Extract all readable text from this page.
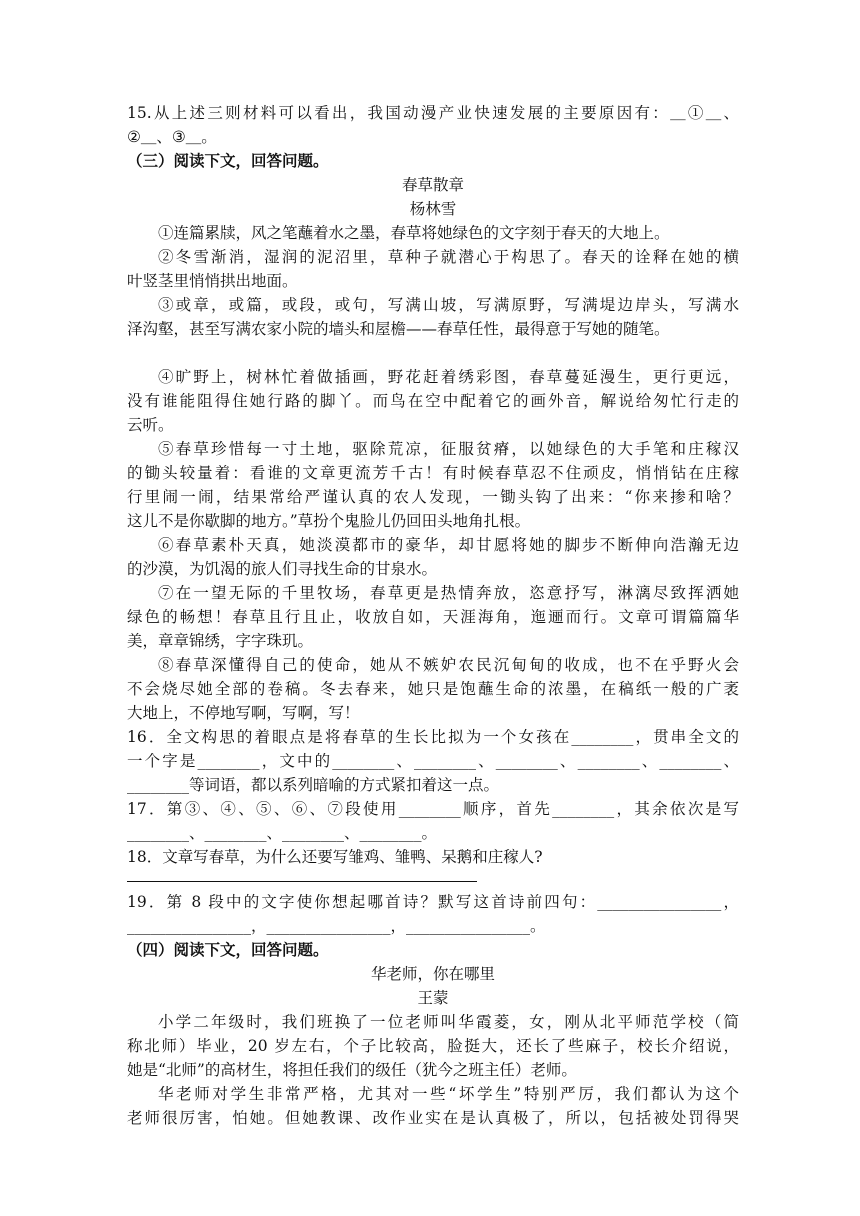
15.从上述三则材料可以看出，我国动漫产业快速发展的主要原因有：＿①＿、
②＿、③＿。
（三）阅读下文，回答问题。
春草散章
杨林雪
①连篇累牍，风之笔蘸着水之墨，春草将她绿色的文字刻于春天的大地上。
②冬雪渐消，湿润的泥沼里，草种子就潜心于构思了。春天的诠释在她的横
叶竖茎里悄悄拱出地面。
③或章，或篇，或段，或句，写满山坡，写满原野，写满堤边岸头，写满水
泽沟壑，甚至写满农家小院的墙头和屋檐——春草任性，最得意于写她的随笔。
④旷野上，树林忙着做插画，野花赶着绣彩图，春草蔓延漫生，更行更远，
没有谁能阻得住她行路的脚丫。而鸟在空中配着它的画外音，解说给匆忙行走的
云听。
⑤春草珍惜每一寸土地，驱除荒凉，征服贫瘠，以她绿色的大手笔和庄稼汉
的锄头较量着：看谁的文章更流芳千古！有时候春草忍不住顽皮，悄悄钻在庄稼
行里闹一闹，结果常给严谨认真的农人发现，一锄头钩了出来：“你来掺和啥？
这儿不是你歇脚的地方。”草扮个鬼脸儿仍回田头地角扎根。
⑥春草素朴天真，她淡漠都市的豪华，却甘愿将她的脚步不断伸向浩瀚无边
的沙漠，为饥渴的旅人们寻找生命的甘泉水。
⑦在一望无际的千里牧场，春草更是热情奔放，恣意抒写，淋漓尽致挥洒她
绿色的畅想！春草且行且止，收放自如，天涯海角，迤逦而行。文章可谓篇篇华
美，章章锦绣，字字珠玑。
⑧春草深懂得自己的使命，她从不嫉妒农民沉甸甸的收成，也不在乎野火会
不会烧尽她全部的卷稿。冬去春来，她只是饱蘸生命的浓墨，在稿纸一般的广袤
大地上，不停地写啊，写啊，写！
16．全文构思的着眼点是将春草的生长比拟为一个女孩在________，贯串全文的
一个字是________，文中的________、________、________、________、________、
________等词语，都以系列暗喻的方式紧扣着这一点。
17．第③、④、⑤、⑥、⑦段使用________顺序，首先________，其余依次是写
________、________、________、________。
18．文章写春草，为什么还要写雏鸡、雏鸭、呆鹅和庄稼人?
19．第 8 段中的文字使你想起哪首诗？默写这首诗前四句：________________，
________________，________________，________________。
（四）阅读下文，回答问题。
华老师，你在哪里
王蒙
小学二年级时，我们班换了一位老师叫华霞菱，女，刚从北平师范学校（简
称北师）毕业，20 岁左右，个子比较高，脸挺大，还长了些麻子，校长介绍说，
她是“北师”的高材生，将担任我们的级任（犹今之班主任）老师。
华老师对学生非常严格，尤其对一些“坏学生”特别严厉，我们都认为这个
老师很厉害，怕她。但她教课、改作业实在是认真极了，所以，包括被处罚得哭
